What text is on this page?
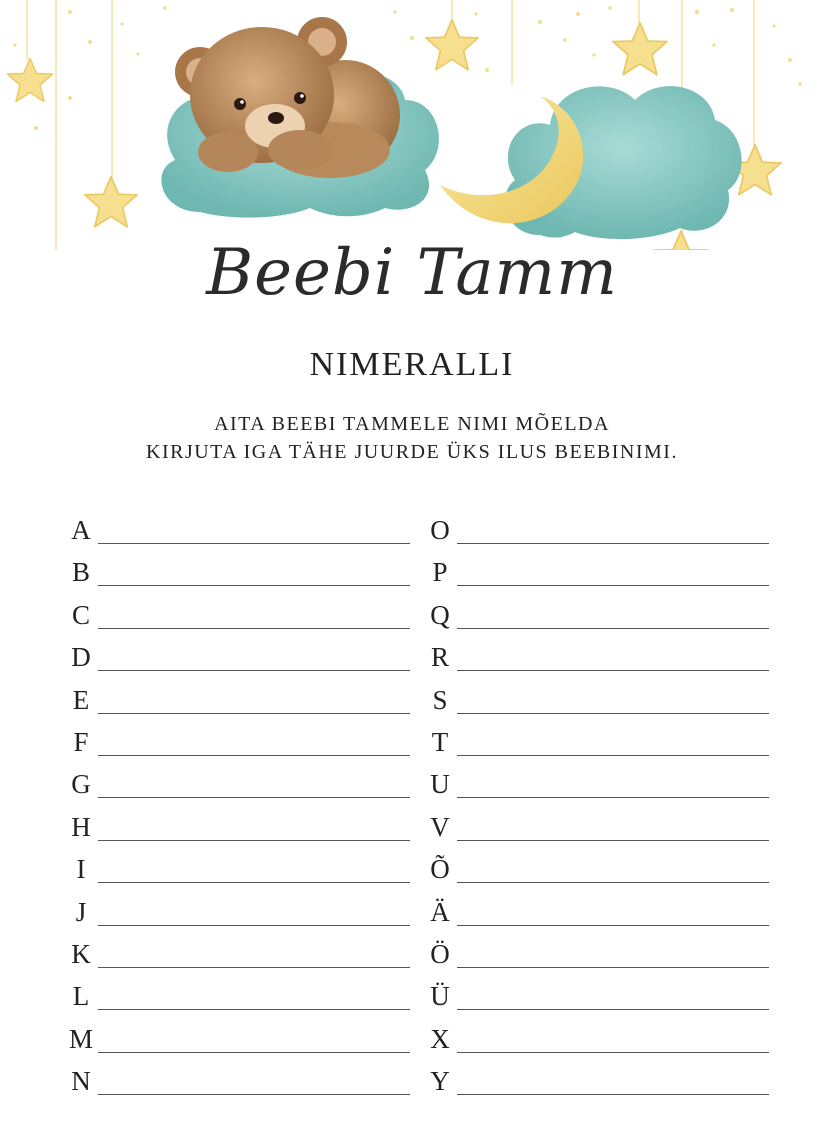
Beebi Tamm
NIMERALLI
AITA BEEBI TAMMELE NIMI MÕELDA
KIRJUTA IGA TÄHE JUURDE ÜKS ILUS BEEBINIMI.
A
B
C
D
E
F
G
H
I
J
K
L
M
N
O
P
Q
R
S
T
U
V
Õ
Ä
Ö
Ü
X
Y
